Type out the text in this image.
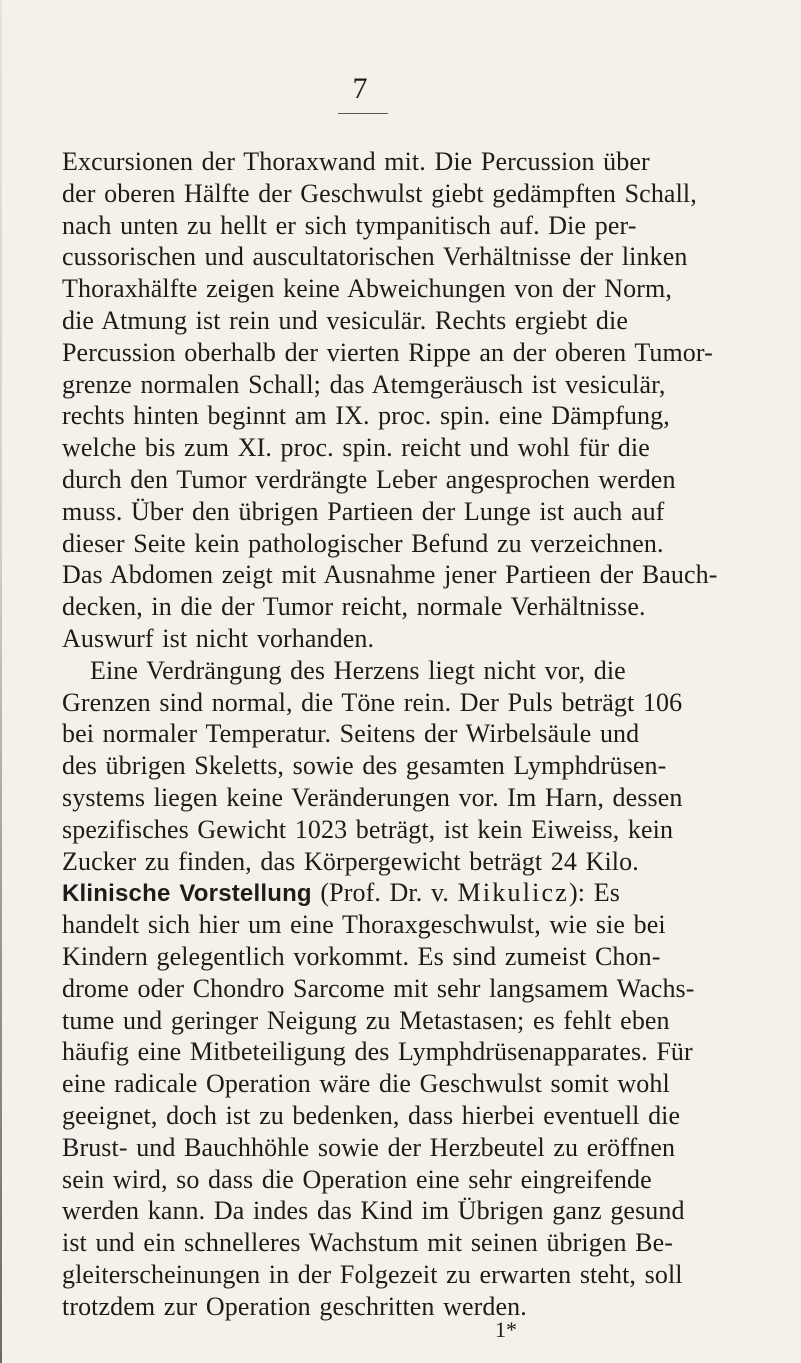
7
Excursionen der Thoraxwand mit. Die Percussion über
der oberen Hälfte der Geschwulst giebt gedämpften Schall,
nach unten zu hellt er sich tympanitisch auf. Die per-
cussorischen und auscultatorischen Verhältnisse der linken
Thoraxhälfte zeigen keine Abweichungen von der Norm,
die Atmung ist rein und vesiculär. Rechts ergiebt die
Percussion oberhalb der vierten Rippe an der oberen Tumor-
grenze normalen Schall; das Atemgeräusch ist vesiculär,
rechts hinten beginnt am IX. proc. spin. eine Dämpfung,
welche bis zum XI. proc. spin. reicht und wohl für die
durch den Tumor verdrängte Leber angesprochen werden
muss. Über den übrigen Partieen der Lunge ist auch auf
dieser Seite kein pathologischer Befund zu verzeichnen.
Das Abdomen zeigt mit Ausnahme jener Partieen der Bauch-
decken, in die der Tumor reicht, normale Verhältnisse.
Auswurf ist nicht vorhanden.
Eine Verdrängung des Herzens liegt nicht vor, die
Grenzen sind normal, die Töne rein. Der Puls beträgt 106
bei normaler Temperatur. Seitens der Wirbelsäule und
des übrigen Skeletts, sowie des gesamten Lymphdrüsen-
systems liegen keine Veränderungen vor. Im Harn, dessen
spezifisches Gewicht 1023 beträgt, ist kein Eiweiss, kein
Zucker zu finden, das Körpergewicht beträgt 24 Kilo.
Klinische Vorstellung (Prof. Dr. v. Mikulicz): Es
handelt sich hier um eine Thoraxgeschwulst, wie sie bei
Kindern gelegentlich vorkommt. Es sind zumeist Chon-
drome oder Chondro Sarcome mit sehr langsamem Wachs-
tume und geringer Neigung zu Metastasen; es fehlt eben
häufig eine Mitbeteiligung des Lymphdrüsenapparates. Für
eine radicale Operation wäre die Geschwulst somit wohl
geeignet, doch ist zu bedenken, dass hierbei eventuell die
Brust- und Bauchhöhle sowie der Herzbeutel zu eröffnen
sein wird, so dass die Operation eine sehr eingreifende
werden kann. Da indes das Kind im Übrigen ganz gesund
ist und ein schnelleres Wachstum mit seinen übrigen Be-
gleiterscheinungen in der Folgezeit zu erwarten steht, soll
1*
trotzdem zur Operation geschritten werden.
